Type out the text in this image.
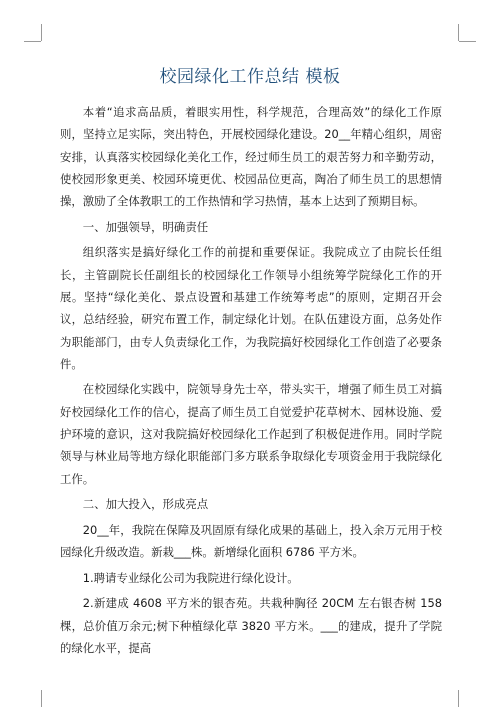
校园绿化工作总结 模板

本着“追求高品质，着眼实用性，科学规范，合理高效”的绿化工作原则，坚持立足实际，突出特色，开展校园绿化建设。20__年精心组织，周密安排，认真落实校园绿化美化工作，经过师生员工的艰苦努力和辛勤劳动，使校园形象更美、校园环境更优、校园品位更高，陶冶了师生员工的思想情操，激励了全体教职工的工作热情和学习热情，基本上达到了预期目标。

一、加强领导，明确责任

组织落实是搞好绿化工作的前提和重要保证。我院成立了由院长任组长，主管副院长任副组长的校园绿化工作领导小组统筹学院绿化工作的开展。坚持“绿化美化、景点设置和基建工作统筹考虑”的原则，定期召开会议，总结经验，研究布置工作，制定绿化计划。在队伍建设方面，总务处作为职能部门，由专人负责绿化工作，为我院搞好校园绿化工作创造了必要条件。

在校园绿化实践中，院领导身先士卒，带头实干，增强了师生员工对搞好校园绿化工作的信心，提高了师生员工自觉爱护花草树木、园林设施、爱护环境的意识，这对我院搞好校园绿化工作起到了积极促进作用。同时学院领导与林业局等地方绿化职能部门多方联系争取绿化专项资金用于我院绿化工作。

二、加大投入，形成亮点

20__年，我院在保障及巩固原有绿化成果的基础上，投入余万元用于校园绿化升级改造。新栽___株。新增绿化面积 6786 平方米。

1.聘请专业绿化公司为我院进行绿化设计。

2.新建成 4608 平方米的银杏苑。共栽种胸径 20CM 左右银杏树 158 棵，总价值万余元;树下种植绿化草 3820 平方米。___的建成，提升了学院的绿化水平，提高
